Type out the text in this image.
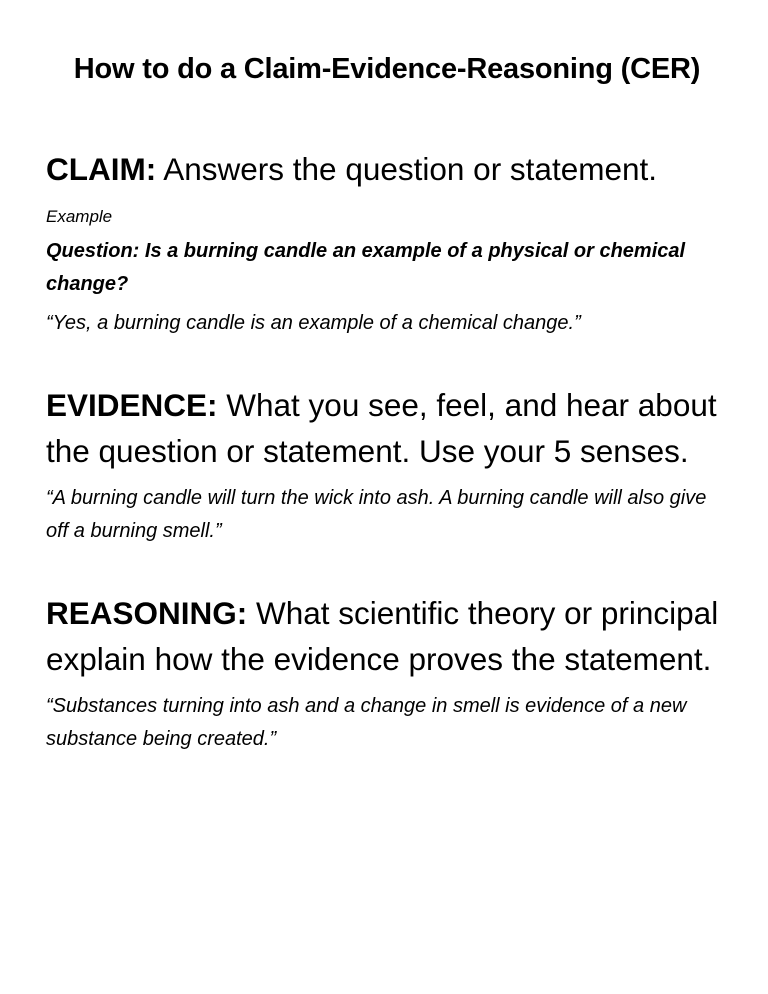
How to do a Claim-Evidence-Reasoning (CER)

CLAIM: Answers the question or statement.

Example

Question: Is a burning candle an example of a physical or chemical change?

“Yes, a burning candle is an example of a chemical change.”

EVIDENCE: What you see, feel, and hear about the question or statement. Use your 5 senses.

“A burning candle will turn the wick into ash. A burning candle will also give off a burning smell.”

REASONING: What scientific theory or principal explain how the evidence proves the statement.

“Substances turning into ash and a change in smell is evidence of a new substance being created.”
